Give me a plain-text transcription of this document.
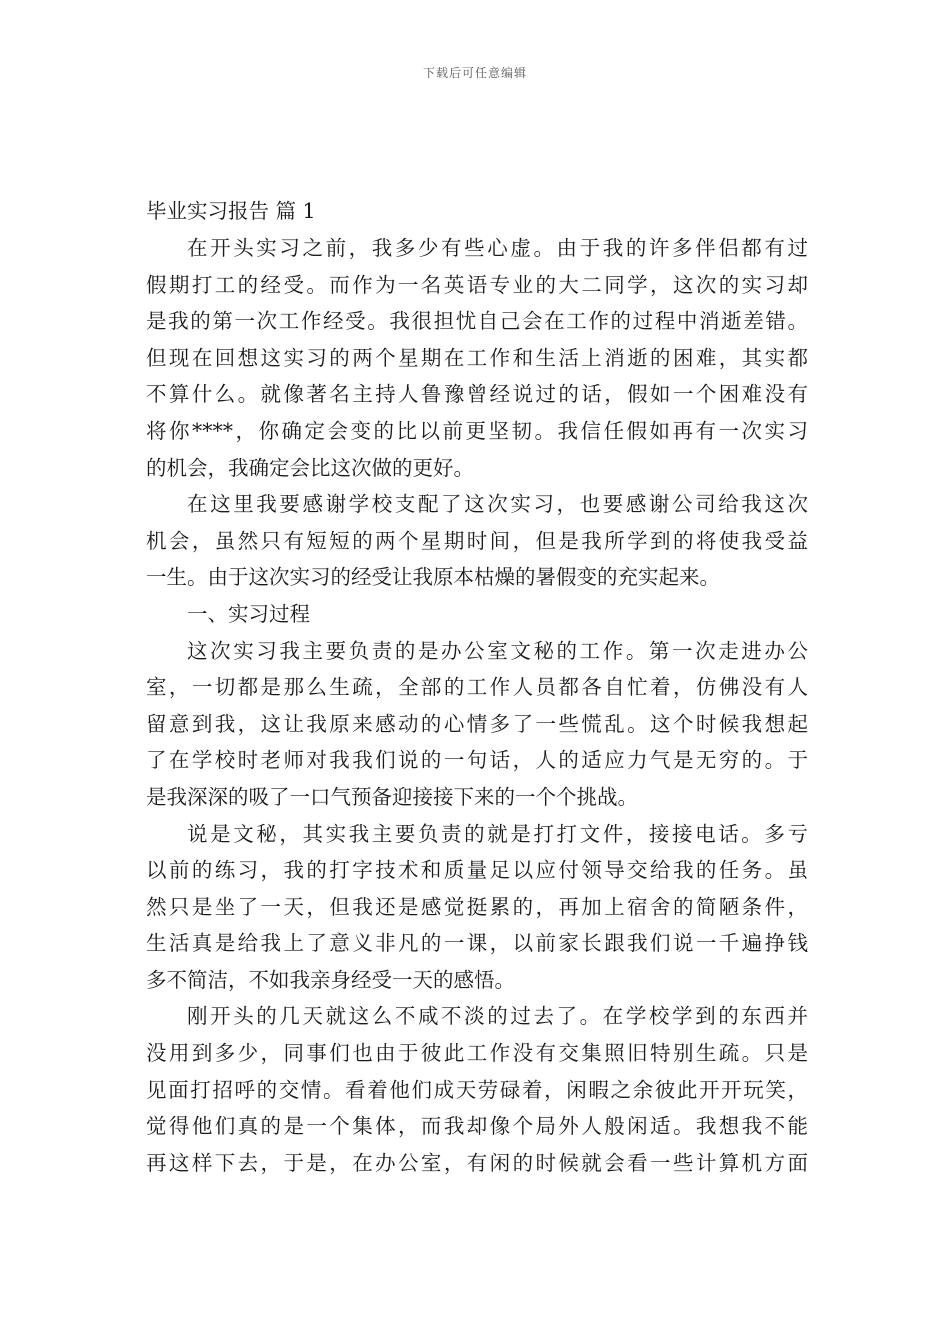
下载后可任意编辑
毕业实习报告 篇 1
在开头实习之前，我多少有些心虚。由于我的许多伴侣都有过
假期打工的经受。而作为一名英语专业的大二同学，这次的实习却
是我的第一次工作经受。我很担忧自己会在工作的过程中消逝差错。
但现在回想这实习的两个星期在工作和生活上消逝的困难，其实都
不算什么。就像著名主持人鲁豫曾经说过的话，假如一个困难没有
将你****，你确定会变的比以前更坚韧。我信任假如再有一次实习
的机会，我确定会比这次做的更好。
在这里我要感谢学校支配了这次实习，也要感谢公司给我这次
机会，虽然只有短短的两个星期时间，但是我所学到的将使我受益
一生。由于这次实习的经受让我原本枯燥的暑假变的充实起来。
一、实习过程
这次实习我主要负责的是办公室文秘的工作。第一次走进办公
室，一切都是那么生疏，全部的工作人员都各自忙着，仿佛没有人
留意到我，这让我原来感动的心情多了一些慌乱。这个时候我想起
了在学校时老师对我我们说的一句话，人的适应力气是无穷的。于
是我深深的吸了一口气预备迎接接下来的一个个挑战。
说是文秘，其实我主要负责的就是打打文件，接接电话。多亏
以前的练习，我的打字技术和质量足以应付领导交给我的任务。虽
然只是坐了一天，但我还是感觉挺累的，再加上宿舍的简陋条件，
生活真是给我上了意义非凡的一课，以前家长跟我们说一千遍挣钱
多不简洁，不如我亲身经受一天的感悟。
刚开头的几天就这么不咸不淡的过去了。在学校学到的东西并
没用到多少，同事们也由于彼此工作没有交集照旧特别生疏。只是
见面打招呼的交情。看着他们成天劳碌着，闲暇之余彼此开开玩笑，
觉得他们真的是一个集体，而我却像个局外人般闲适。我想我不能
再这样下去，于是，在办公室，有闲的时候就会看一些计算机方面
